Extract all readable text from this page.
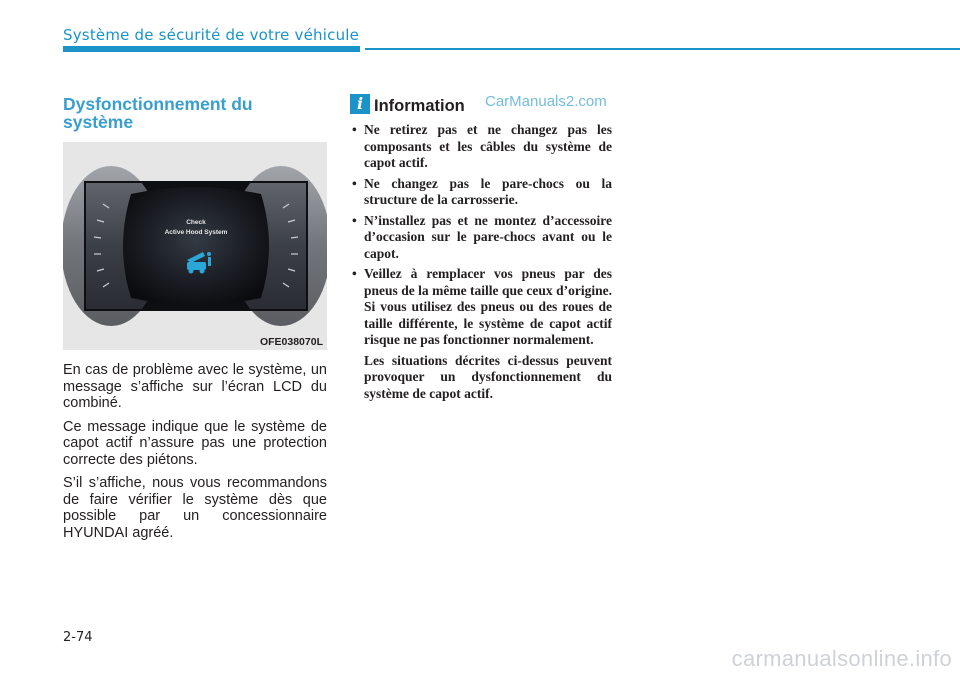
Système de sécurité de votre véhicule
Dysfonctionnement du système
Check
Active Hood System
OFE038070L

En cas de problème avec le système, un message s’affiche sur l’écran LCD du combiné.

Ce message indique que le système de capot actif n’assure pas une protection correcte des piétons.

S’il s’affiche, nous vous recommandons de faire vérifier le système dès que possible par un concessionnaire HYUNDAI agréé.

i Information CarManuals2.com
• Ne retirez pas et ne changez pas les composants et les câbles du système de capot actif.
• Ne changez pas le pare-chocs ou la structure de la carrosserie.
• N’installez pas et ne montez d’accessoire d’occasion sur le pare-chocs avant ou le capot.
• Veillez à remplacer vos pneus par des pneus de la même taille que ceux d’origine. Si vous utilisez des pneus ou des roues de taille différente, le système de capot actif risque ne pas fonctionner normalement.
Les situations décrites ci-dessus peuvent provoquer un dysfonctionnement du système de capot actif.
2-74
carmanualsonline.info
